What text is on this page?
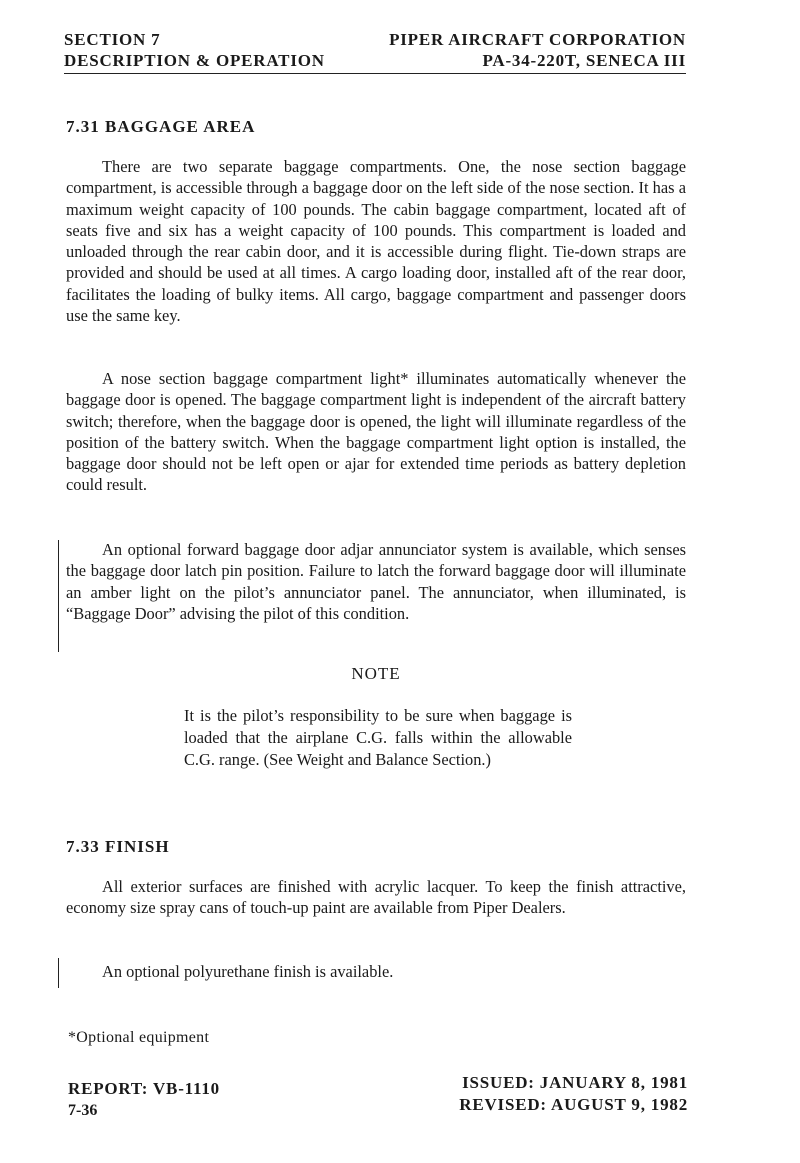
SECTION 7
DESCRIPTION & OPERATION
PIPER AIRCRAFT CORPORATION
PA-34-220T, SENECA III
7.31 BAGGAGE AREA

There are two separate baggage compartments. One, the nose section baggage compartment, is accessible through a baggage door on the left side of the nose section. It has a maximum weight capacity of 100 pounds. The cabin baggage compartment, located aft of seats five and six has a weight capacity of 100 pounds. This compartment is loaded and unloaded through the rear cabin door, and it is accessible during flight. Tie-down straps are provided and should be used at all times. A cargo loading door, installed aft of the rear door, facilitates the loading of bulky items. All cargo, baggage compartment and passenger doors use the same key.

A nose section baggage compartment light* illuminates automatically whenever the baggage door is opened. The baggage compartment light is independent of the aircraft battery switch; therefore, when the baggage door is opened, the light will illuminate regardless of the position of the battery switch. When the baggage compartment light option is installed, the baggage door should not be left open or ajar for extended time periods as battery depletion could result.

An optional forward baggage door adjar annunciator system is available, which senses the baggage door latch pin position. Failure to latch the forward baggage door will illuminate an amber light on the pilot’s annunciator panel. The annunciator, when illuminated, is “Baggage Door” advising the pilot of this condition.

NOTE

It is the pilot’s responsibility to be sure when baggage is loaded that the airplane C.G. falls within the allowable C.G. range. (See Weight and Balance Section.)

7.33 FINISH

All exterior surfaces are finished with acrylic lacquer. To keep the finish attractive, economy size spray cans of touch-up paint are available from Piper Dealers.

An optional polyurethane finish is available.

*Optional equipment
REPORT: VB-1110
7-36
ISSUED: JANUARY 8, 1981
REVISED: AUGUST 9, 1982
